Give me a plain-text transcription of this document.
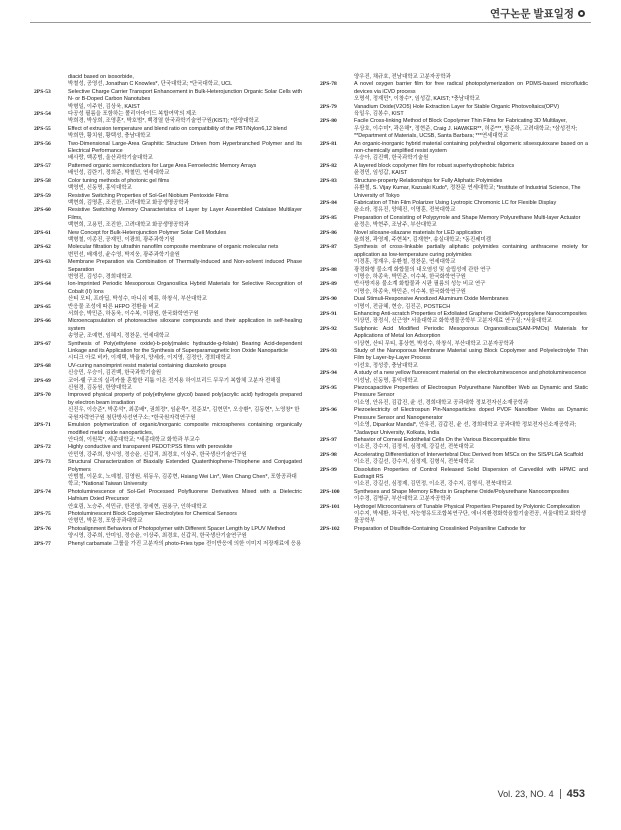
연구논문 발표일정
diacid based on isosorbide,
박철성, 공영선, Jonathan C Knowles*, 단국대학교; *단국대학교, UCL
2PS-53	Selective Charge Carrier Transport Enhancement in Bulk-Heterojunction Organic Solar Cells with N- or B-Doped Carbon Nanotubes
박형일, 이주헌, 김상욱, KAIST
2PS-54	다공성 필름을 포함하는 폴리아마이드 복합여막의 제조
박희경, 박상희, 조영훈*, 박호범*, 백경열 한국과학기술연구원(KIST); *한양대학교
2PS-55	Effect of extrusion temperature and blend ratio on compatibility of the PBT/Nylon6,12 blend
박희만, 황치원, 황택성, 충남대학교
2PS-56	Two-Dimensional Large-Area Graphitic Structure Driven from Hyperbranched Polymer and Its Electrical Performance
배사랑, 백종범, 울산과학기술대학교
2PS-57	Patterned organic semiconductors for Large Area Ferroelectric Memory Arrays
배인성, 김란기, 정희준, 박철민, 연세대학교
2PS-58	Color tuning methods of photonic gel films
백영빈, 신동명, 홍익대학교
2PS-59	Resistive Switching Properties of Sol-Gel Niobium Pentoxide Films
백현희, 김명훈, 조진한, 고려대학교 화공생명공학과
2PS-60	Resistive Switching Memory Characteristics of Layer by Layer Assembled Catalase Multilayer Films,
백현희, 고용민, 조진한, 고려대학교 화공생명공학과
2PS-61	New Concept for Bulk-Heterojunction Polymer Solar Cell Modules
백형철, 이종진, 공재민, 이광희, 광주과학기원
2PS-62	Molecular filtration by ultrathin nanofilm composite membrane of organic molecular nets
변민선, 배재성, 윤수영, 박지웅, 광주과학기술원
2PS-63	Membrane Preparation via Combination of Thermally-induced and Non-solvent induced Phase Separation
변영진, 김성수, 경희대학교
2PS-64	Ion-Imprinted Periodic Mesoporous Organosilica Hybrid Materials for Selective Recognition of Cobalt (II) Ions
산티 모티, 프라딥, 박성수, 마니쉬 메튜, 하창식, 부산대학교
2PS-65	반응물 조성에 따른 HFPO 전환율 비교
서희승, 박민준, 하동욱, 이수복, 이광원, 한국화학연구원
2PS-66	Microencapsulation of photoreactive siloxane compounds and their application in self-healing system
송영균, 조예현, 임혜지, 정찬문, 연세대학교
2PS-67	Synthesis of Poly(ethylene oxide)-b-poly(maleic hydrazide-g-folate) Bearing Acid-dependent Linkage and its Application for the Synthesis of Superparamagnetic Iron Oxide Nanoparticle
시디크 아로 비카, 이재택, 박율지, 양세라, 이지영, 김정안, 경희대학교
2PS-68	UV-curing nanoimprint resist material containing diazoketo groups
신승민, 우승이, 김진백, 한국과학기술원
2PS-69	코어-쉘 구조의 실리카를 혼합한 리튬 이온 전지용 하이브리드 무무기 복합체 고분자 전해질
신원경, 김동원, 한양대학교
2PS-70	Improved physical property of poly(ethylene glycol) based poly(acrylic acid) hydrogels prepared by electron beam irradiation
신진우, 이승준*, 박종석*, 최종배*, 권희정*, 임윤묵*, 전준보*, 김현민*, 오승환*, 김동현*, 노영창* 한국원자력연구원 첨단방사선연구소; *한국원자력연구원
2PS-71	Emulsion polymerization of organic/inorganic composite microspheres containing organically modified metal oxide nanoparticles,
안다희, 이원목*, 세종대학교; *세종대학교 화학과 부교수
2PS-72	Highly conductive and transparent PEDOT:PSS films with perovskite
안민영, 강주희, 양시영, 정승윤, 신갑직, 최경호, 이상주, 한국생산기술연구원
2PS-73	Structural Characterization of Biaxially Extended Quaterthiophene-Thiophene and Conjugated Polymers
안범철, 이문호, 노예철, 김영원, 위동우, 김종현, Hsiang Wei Lin*, Wen Chang Chen*, 포항공과대학교; *National Taiwan University
2PS-74	Photoluminescence of Sol-Gel Processed Polyfluorene Derivatives Mixed with a Dielectric Hafnium Oxied Precursor
안효림, 노승주, 석민규, 한진영, 장세현, 권용구, 인하대학교
2PS-75	Photoluminescent Block Copolymer Electrolytes for Chemical Sensors
안형민, 박문정, 포항공과대학교
2PS-76	Photoalignment Behaviors of Photopolymer with Different Spacer Length by LPUV Method
양시영, 강주희, 안미임, 정승윤, 이상주, 최경호, 신갑직, 한국생산기술연구원
2PS-77	Phenyl carbamate 그룹을 가진 고분자의 photo-Fries type 전이반응에 의한 이미지 저장재료에 응용
양우진, 채규호, 전남대학교 고분자공학과
2PS-78	A novel oxygen barrier film for free radical photopolymerization on PDMS-based microfluidic devices via iCVD process
오명석, 정재민*, 이창수*, 임성갑, KAIST; *충남대학교
2PS-79	Vanadium Oxide(V2O5) Hole Extraction Layer for Stable Organic Photovoltaics(OPV)
육일우, 김봉수, KIST
2PS-80	Facile Cross-linking Method of Block Copolymer Thin Films for Fabricating 3D Multilayer,
우상호, 이수미*, 곽은해*, 정현준, Craig J. HAWKER**, 허준***, 방준하, 고려대학교; *삼성전자; **Department of Materials, UCSB, Santa Barbara; ***연세대학교
2PS-81	An organic-inorganic hybrid material containing polyhedral oligomeric silsesquioxane based on a non-chemically amplified resist system
우승아, 김진백, 한국과학기술원
2PS-82	A layered block copolymer film for robust superhydrophobic fabrics
윤경민, 임성갑, KAIST
2PS-83	Structure-property Relationships for Fully Aliphatic Polyimides
유환철, S. Vijay Kumar, Kazuaki Kudo*, 정찬문 연세대학교; *Institute of Industrial Science, The University of Tokyo
2PS-84	Fabrication of Thin Film Polarizer Using Lyotropic Chromonic LC for Flexible Display
윤소라, 정유진, 양혜진, 이명훈, 전북대학교
2PS-85	Preparation of Consisting of Polypyrrole and Shape Memory Polyurethane Multi-layer Actuator
윤정은, 박현주, 조남주, 부산대학교
2PS-86	Novel siloxane-silazane materials for LED application
윤희천, 곽영제, 주현복*, 김재현*, 송실대학교; *동진쎄미켐
2PS-87	Synthesis of cross-linkable partially aliphatic polyimides containing anthracene moiety for application as low-temperature curing polyimides
이경훈, 정재우, 유환철, 정찬문, 연세대학교
2PS-88	광경화형 불소계 화합물의 내오염성 및 슬립성에 관한 연구
이명승, 하종욱, 박민준, 이수복, 한국화학연구원
2PS-89	반사방지용 불소계 화합물과 시판 필름의 성능 비교 연구
이명승, 하종욱, 박민준, 이수복, 한국화학연구원
2PS-90	Dual Stimuli-Responsive Anodized Aluminum Oxide Membranes
이명이, 전금혜, 현승, 김진곤, POSTECH
2PS-91	Enhancing Anti-scratch Properties of Exfoliated Graphene Oxide/Polypropylene Nanocomposites
이상민, 장정식, 신근영* 서울대학교 화학생물공학부 고분자재료 연구실; *서울대학교
2PS-92	Sulphonic Acid Modified Periodic Mesoporous Organosilicas(SAM-PMOs) Materials for Applications of Metal Ion Adsorption
이상현, 산티 무티, 홍상현, 박성수, 하창식, 부산대학교 고분자공학과
2PS-93	Study of the Nanoporous Membrane Material using Block Copolymer and Polyelectrolyte Thin Film by Layer-by-Layer Process
이선호, 정성중, 충남대학교
2PS-94	A study of a new yellow fluorescent material on the electroluminescence and photoluminescence
이성남, 신동명, 홍익대학교
2PS-95	Piezocapacitive Properties of Electrospun Polyurethane Nanofiber Web as Dynamic and Static Pressure Sensor
이소영, 안유진, 김갑진, 윤 선, 경희대학교 공과대학 정보전자신소재공학과
2PS-96	Piezoelectricity of Electrospun Pin-Nanoparticles doped PVDF Nanofiber Webs as Dynamic Pressure Sensor and Nanogenerator
이소영, Dipankar Mandal*, 안유진, 김갑진, 윤 선, 경희대학교 공과대학 정보전자신소재공학과; *Jadavpur University, Kolkata, India
2PS-97	Behavior of Corneal Endothelial Cells On the Various Biocompatible films
이소진, 강수지, 김정석, 심정제, 강길선, 전북대학교
2PS-98	Accelerating Differentiation of Intervertebral Disc Derived from MSCs on the SIS/PLGA Scaffold
이소진, 강길선, 강수지, 심정제, 김형식, 전북대학교
2PS-99	Dissolution Properties of Control Released Solid Dispersion of Carvedilol with HPMC and Eudragit RS
이소진, 강길선, 심정제, 김민정, 이소진, 강수지, 김형식, 전북대학교
2PS-100	Syntheses and Shape Memory Effects in Graphene Oxide/Polyurethane Nanocomposites
이수경, 김병규, 부산대학교 고분자공학과
2PS-101	Hydrogel Microcontainers of Tunable Physical Properties Prepared by Polyionic Complexation
이수지, 박세환, 차국헌, 자능형유도조합복연구단, 에너지환경화학융합기술전공, 서울대학교 화학생물공학부
2PS-102	Preparation of Disulfide-Containing Crosslinked Polyaniline Cathode for
Vol. 23, NO. 4 453
